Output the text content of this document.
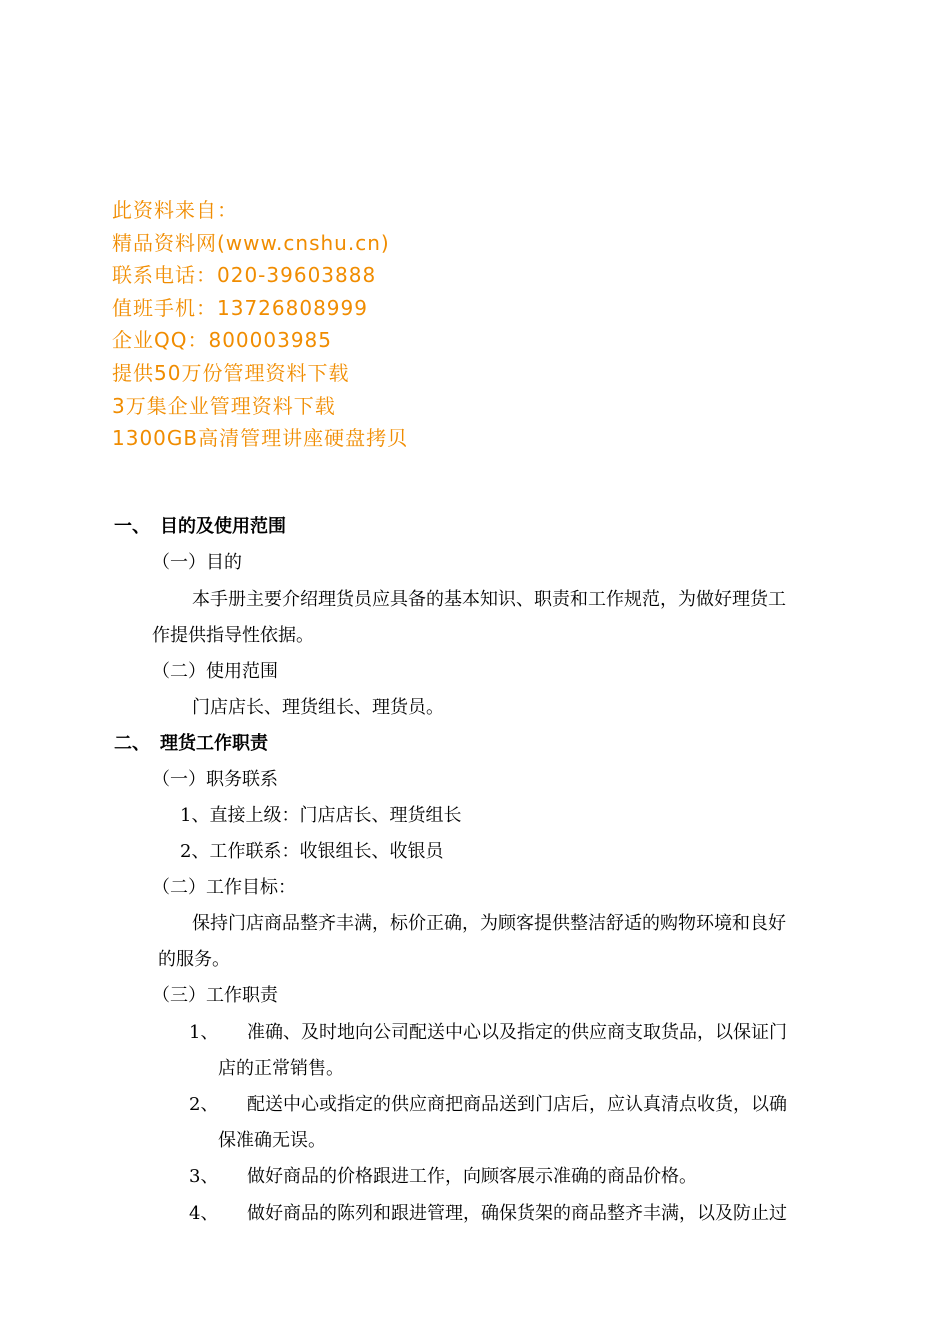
此资料来自：
精品资料网(www.cnshu.cn)
联系电话：020-39603888
值班手机：13726808999
企业QQ：800003985
提供50万份管理资料下载
3万集企业管理资料下载
1300GB高清管理讲座硬盘拷贝
一、 目的及使用范围
（一）目的
本手册主要介绍理货员应具备的基本知识、职责和工作规范，为做好理货工
作提供指导性依据。
（二）使用范围
门店店长、理货组长、理货员。
二、 理货工作职责
（一）职务联系
1、直接上级：门店店长、理货组长
2、工作联系：收银组长、收银员
（二）工作目标：
保持门店商品整齐丰满，标价正确，为顾客提供整洁舒适的购物环境和良好
的服务。
（三）工作职责
1、 准确、及时地向公司配送中心以及指定的供应商支取货品，以保证门
店的正常销售。
2、 配送中心或指定的供应商把商品送到门店后，应认真清点收货，以确
保准确无误。
3、 做好商品的价格跟进工作，向顾客展示准确的商品价格。
4、 做好商品的陈列和跟进管理，确保货架的商品整齐丰满，以及防止过
